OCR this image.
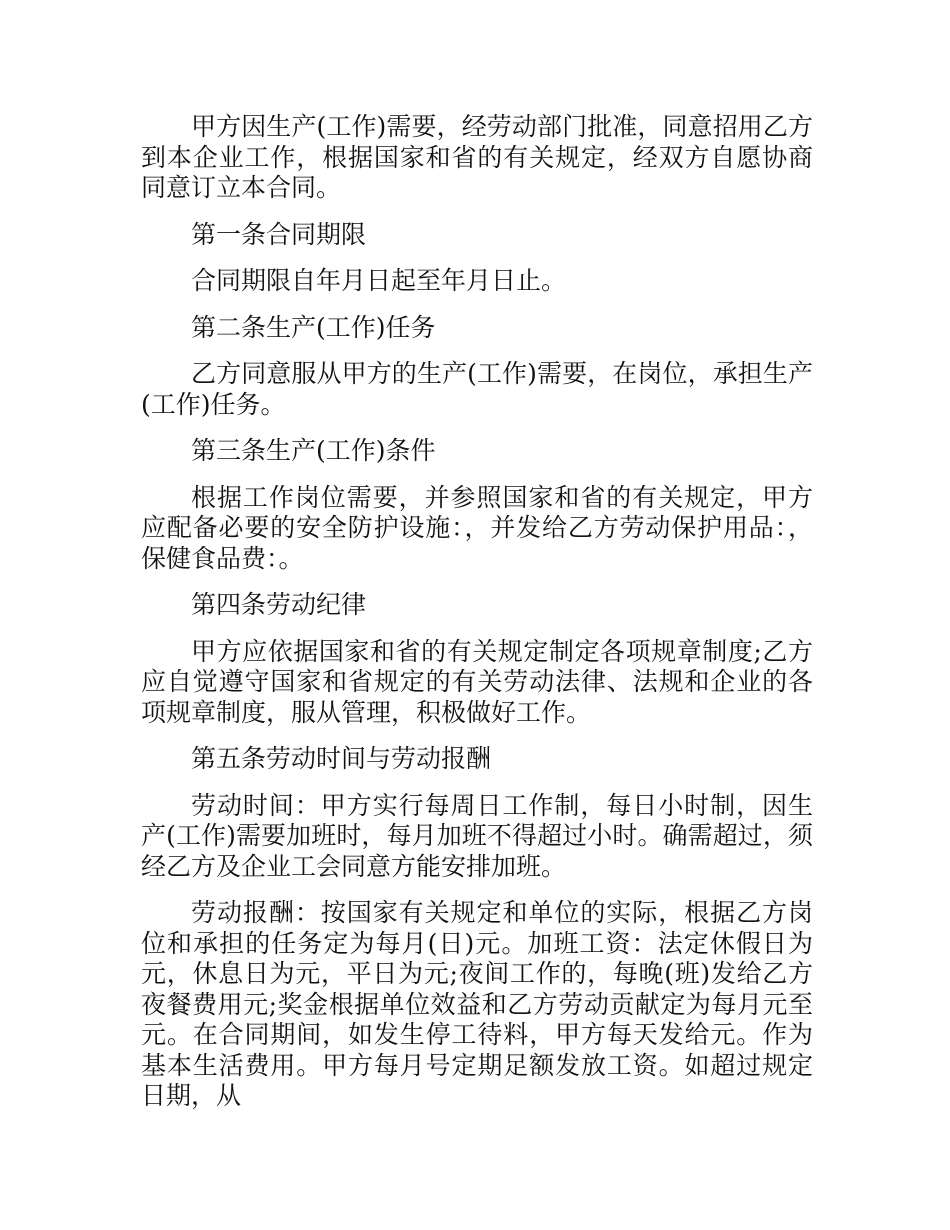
甲方因生产(工作)需要，经劳动部门批准，同意招用乙方到本企业工作，根据国家和省的有关规定，经双方自愿协商同意订立本合同。

第一条合同期限

合同期限自年月日起至年月日止。

第二条生产(工作)任务

乙方同意服从甲方的生产(工作)需要，在岗位，承担生产(工作)任务。

第三条生产(工作)条件

根据工作岗位需要，并参照国家和省的有关规定，甲方应配备必要的安全防护设施：，并发给乙方劳动保护用品：，保健食品费：。

第四条劳动纪律

甲方应依据国家和省的有关规定制定各项规章制度;乙方应自觉遵守国家和省规定的有关劳动法律、法规和企业的各项规章制度，服从管理，积极做好工作。

第五条劳动时间与劳动报酬

劳动时间：甲方实行每周日工作制，每日小时制，因生产(工作)需要加班时，每月加班不得超过小时。确需超过，须经乙方及企业工会同意方能安排加班。

劳动报酬：按国家有关规定和单位的实际，根据乙方岗位和承担的任务定为每月(日)元。加班工资：法定休假日为元，休息日为元，平日为元;夜间工作的，每晚(班)发给乙方夜餐费用元;奖金根据单位效益和乙方劳动贡献定为每月元至元。在合同期间，如发生停工待料，甲方每天发给元。作为基本生活费用。甲方每月号定期足额发放工资。如超过规定日期，从
